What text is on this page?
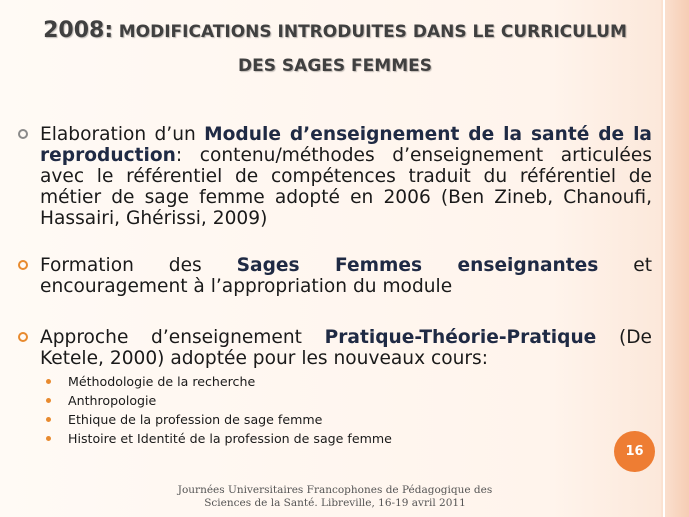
2008: MODIFICATIONS INTRODUITES DANS LE CURRICULUM DES SAGES FEMMES
Elaboration d’un Module d’enseignement de la santé de la reproduction: contenu/méthodes d’enseignement articulées avec le référentiel de compétences traduit du référentiel de métier de sage femme adopté en 2006 (Ben Zineb, Chanoufi, Hassairi, Ghérissi, 2009)
Formation des Sages Femmes enseignantes et encouragement à l’appropriation du module
Approche d’enseignement Pratique-Théorie-Pratique (De Ketele, 2000) adoptée pour les nouveaux cours:
Méthodologie de la recherche
Anthropologie
Ethique de la profession de sage femme
Histoire et Identité de la profession de sage femme
16
Journées Universitaires Francophones de Pédagogique des
Sciences de la Santé. Libreville, 16-19 avril 2011
